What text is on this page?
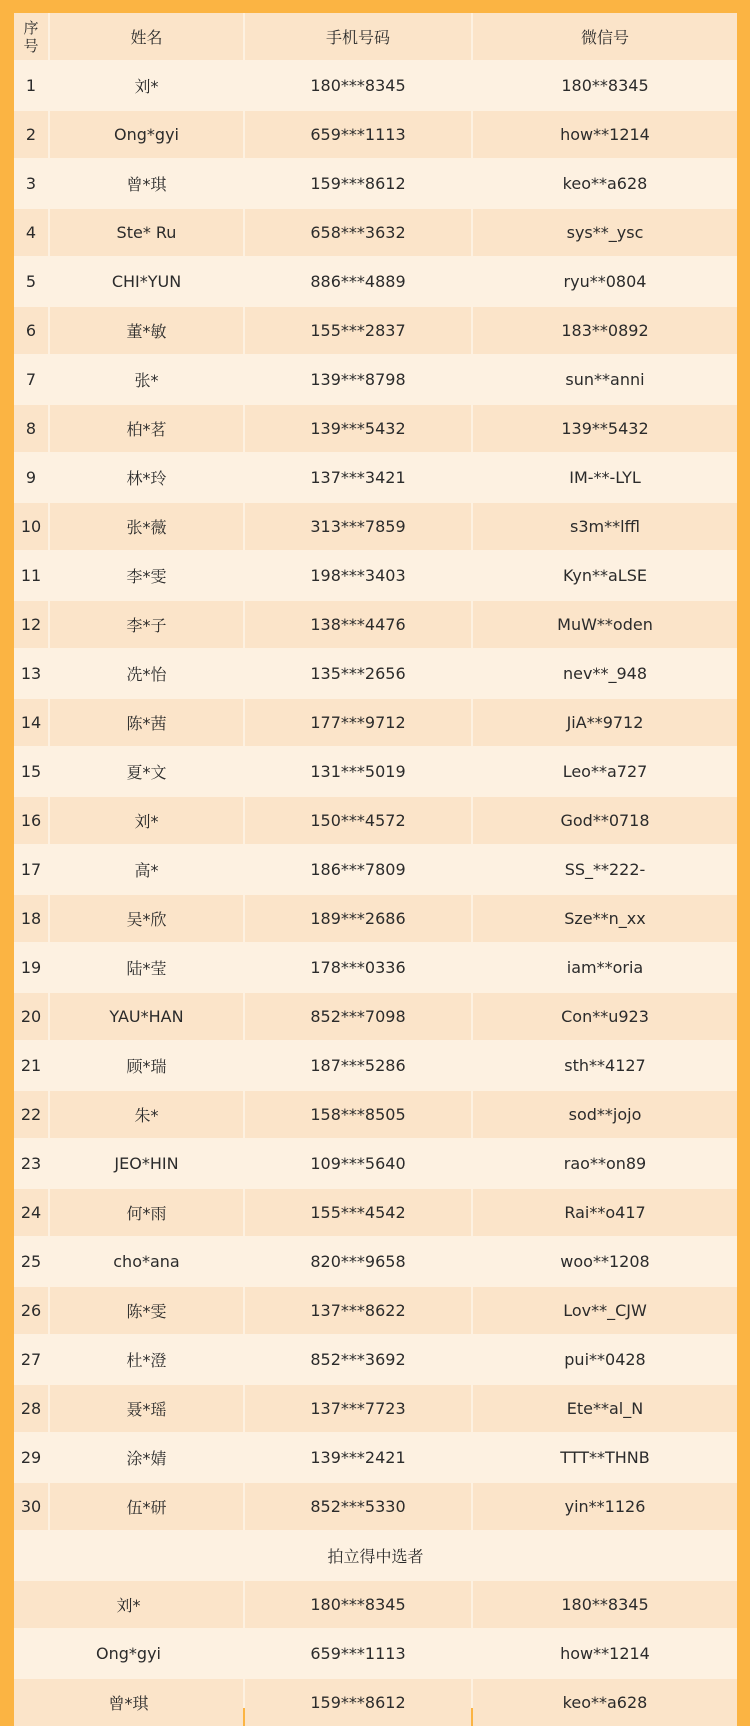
序
号	姓名	手机号码	微信号
1	刘*	180***8345	180**8345
2	Ong*gyi	659***1113	how**1214
3	曾*琪	159***8612	keo**a628
4	Ste* Ru	658***3632	sys**_ysc
5	CHI*YUN	886***4889	ryu**0804
6	董*敏	155***2837	183**0892
7	张*	139***8798	sun**anni
8	柏*茗	139***5432	139**5432
9	林*玲	137***3421	IM-**-LYL
10	张*薇	313***7859	s3m**lffl
11	李*雯	198***3403	Kyn**aLSE
12	李*子	138***4476	MuW**oden
13	冼*怡	135***2656	nev**_948
14	陈*茜	177***9712	JiA**9712
15	夏*文	131***5019	Leo**a727
16	刘*	150***4572	God**0718
17	高*	186***7809	SS_**222-
18	吴*欣	189***2686	Sze**n_xx
19	陆*莹	178***0336	iam**oria
20	YAU*HAN	852***7098	Con**u923
21	顾*瑞	187***5286	sth**4127
22	朱*	158***8505	sod**jojo
23	JEO*HIN	109***5640	rao**on89
24	何*雨	155***4542	Rai**o417
25	cho*ana	820***9658	woo**1208
26	陈*雯	137***8622	Lov**_CJW
27	杜*澄	852***3692	pui**0428
28	聂*瑶	137***7723	Ete**al_N
29	涂*婧	139***2421	TTT**THNB
30	伍*研	852***5330	yin**1126
拍立得中选者
刘*	180***8345	180**8345
Ong*gyi	659***1113	how**1214
曾*琪	159***8612	keo**a628
